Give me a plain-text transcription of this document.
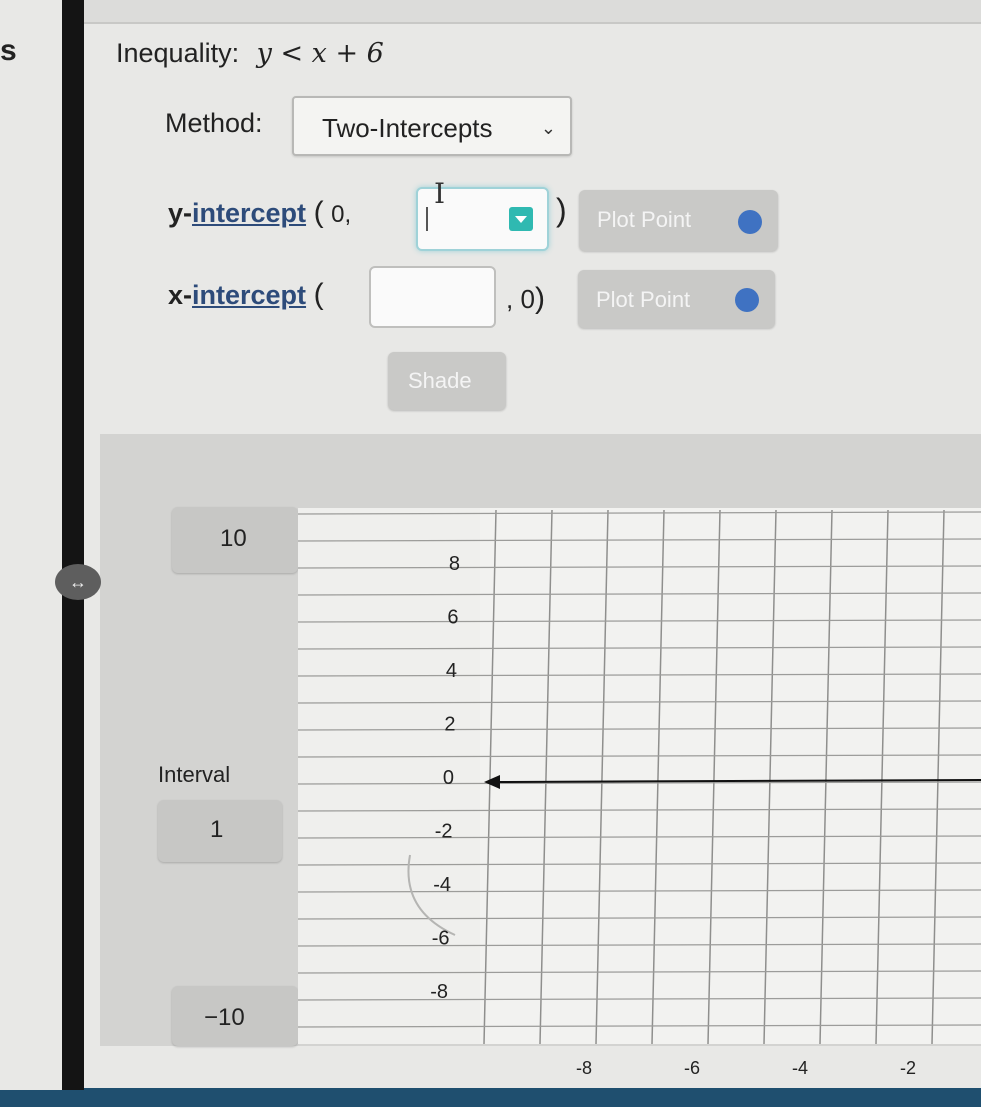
s	Inequality: y < x + 6
Method:	Two-Intercepts	⌄
y-intercept ( 0,
I	) Plot Point
x-intercept (	, 0) Plot Point
Shade
10
Interval
1
−10
↔
8
6
4
2
0
-2
-4
-6
-8
-8	-6	-4	-2
